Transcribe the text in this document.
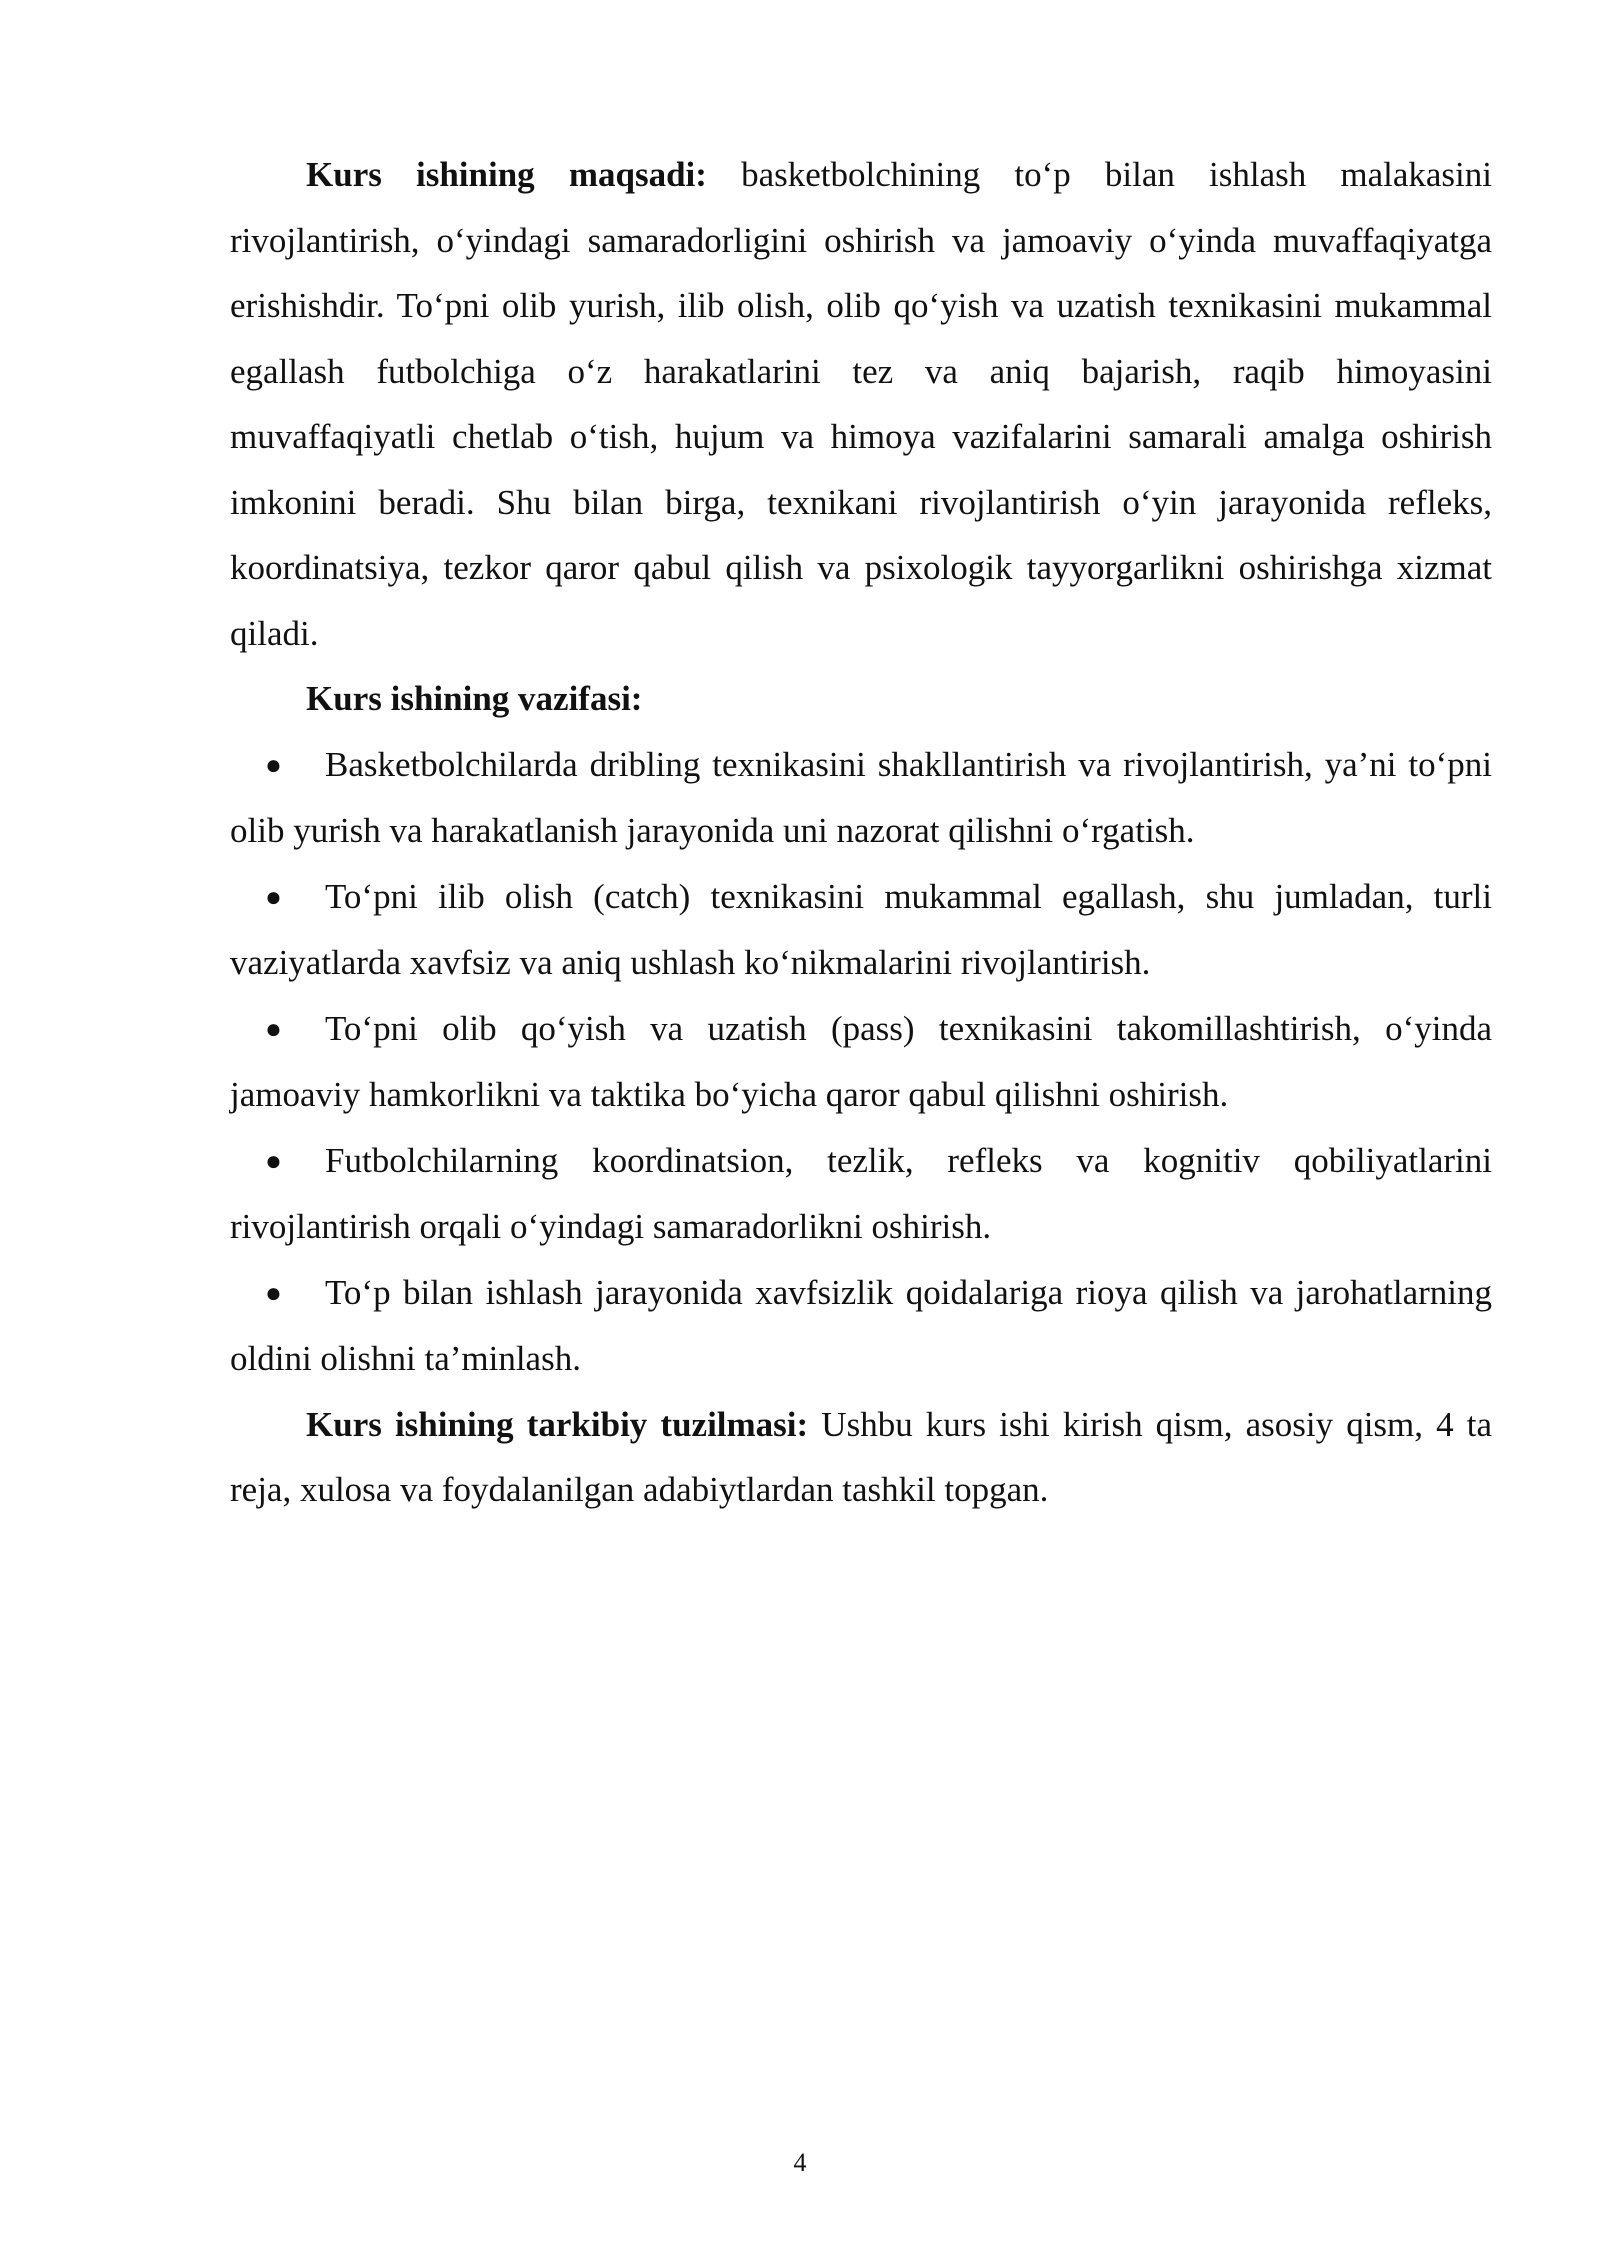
Kurs ishining maqsadi: basketbolchining to‘p bilan ishlash malakasini rivojlantirish, o‘yindagi samaradorligini oshirish va jamoaviy o‘yinda muvaffaqiyatga erishishdir. To‘pni olib yurish, ilib olish, olib qo‘yish va uzatish texnikasini mukammal egallash futbolchiga o‘z harakatlarini tez va aniq bajarish, raqib himoyasini muvaffaqiyatli chetlab o‘tish, hujum va himoya vazifalarini samarali amalga oshirish imkonini beradi. Shu bilan birga, texnikani rivojlantirish o‘yin jarayonida refleks, koordinatsiya, tezkor qaror qabul qilish va psixologik tayyorgarlikni oshirishga xizmat qiladi.

Kurs ishining vazifasi:

● Basketbolchilarda dribling texnikasini shakllantirish va rivojlantirish, ya’ni to‘pni olib yurish va harakatlanish jarayonida uni nazorat qilishni o‘rgatish.

● To‘pni ilib olish (catch) texnikasini mukammal egallash, shu jumladan, turli vaziyatlarda xavfsiz va aniq ushlash ko‘nikmalarini rivojlantirish.

● To‘pni olib qo‘yish va uzatish (pass) texnikasini takomillashtirish, o‘yinda jamoaviy hamkorlikni va taktika bo‘yicha qaror qabul qilishni oshirish.

● Futbolchilarning koordinatsion, tezlik, refleks va kognitiv qobiliyatlarini rivojlantirish orqali o‘yindagi samaradorlikni oshirish.

● To‘p bilan ishlash jarayonida xavfsizlik qoidalariga rioya qilish va jarohatlarning oldini olishni ta’minlash.

Kurs ishining tarkibiy tuzilmasi: Ushbu kurs ishi kirish qism, asosiy qism, 4 ta reja, xulosa va foydalanilgan adabiytlardan tashkil topgan.

4
